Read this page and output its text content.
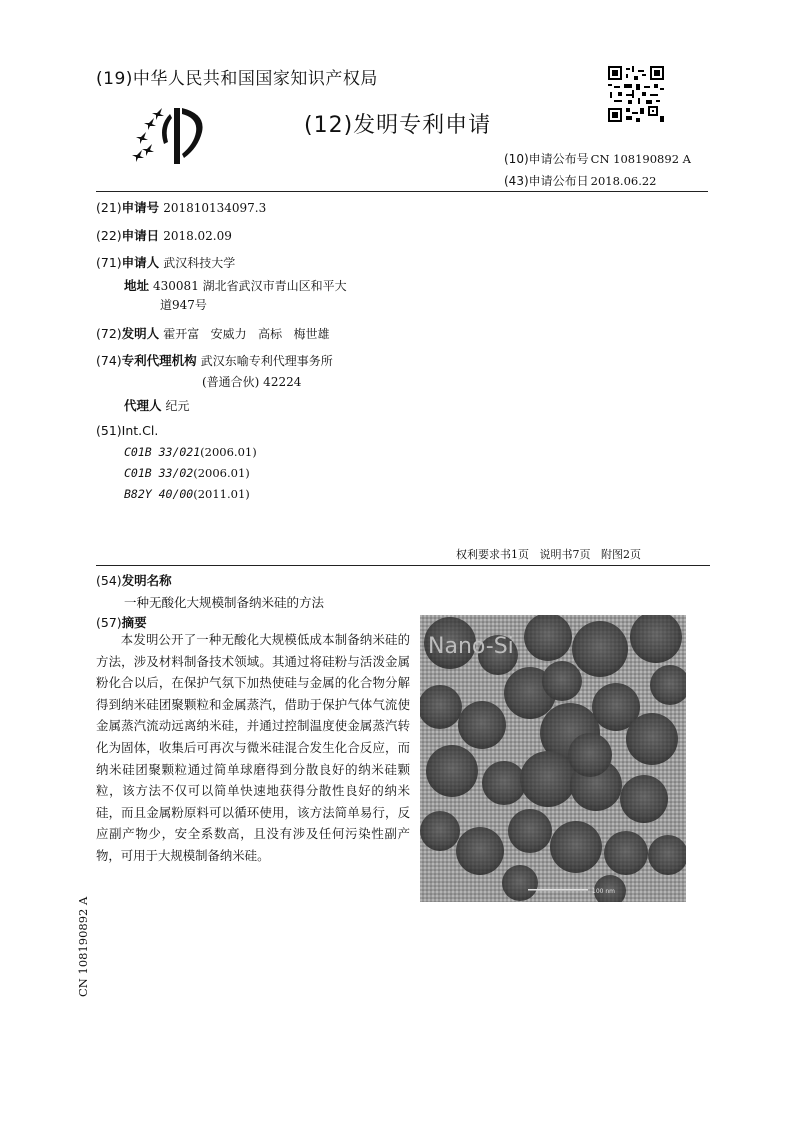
(19)中华人民共和国国家知识产权局
(12)发明专利申请
(10)申请公布号 CN 108190892 A
(43)申请公布日 2018.06.22
(21)申请号 201810134097.3
(22)申请日 2018.02.09
(71)申请人 武汉科技大学
地址 430081 湖北省武汉市青山区和平大
道947号
(72)发明人 霍开富   安威力   高标   梅世雄
(74)专利代理机构 武汉东喻专利代理事务所
(普通合伙) 42224
代理人 纪元
(51)Int.Cl.
C01B 33/021(2006.01)
C01B 33/02(2006.01)
B82Y 40/00(2011.01)
权利要求书1页   说明书7页   附图2页
(54)发明名称
一种无酸化大规模制备纳米硅的方法
(57)摘要
本发明公开了一种无酸化大规模低成本制备纳米硅的方法，涉及材料制备技术领域。其通过将硅粉与活泼金属粉化合以后，在保护气氛下加热使硅与金属的化合物分解得到纳米硅团聚颗粒和金属蒸汽，借助于保护气体气流使金属蒸汽流动远离纳米硅，并通过控制温度使金属蒸汽转化为固体，收集后可再次与微米硅混合发生化合反应，而纳米硅团聚颗粒通过简单球磨得到分散良好的纳米硅颗粒，该方法不仅可以简单快速地获得分散性良好的纳米硅，而且金属粉原料可以循环使用，该方法简单易行，反应副产物少，安全系数高，且没有涉及任何污染性副产物，可用于大规模制备纳米硅。
Nano-Si
100 nm
CN 108190892 A
